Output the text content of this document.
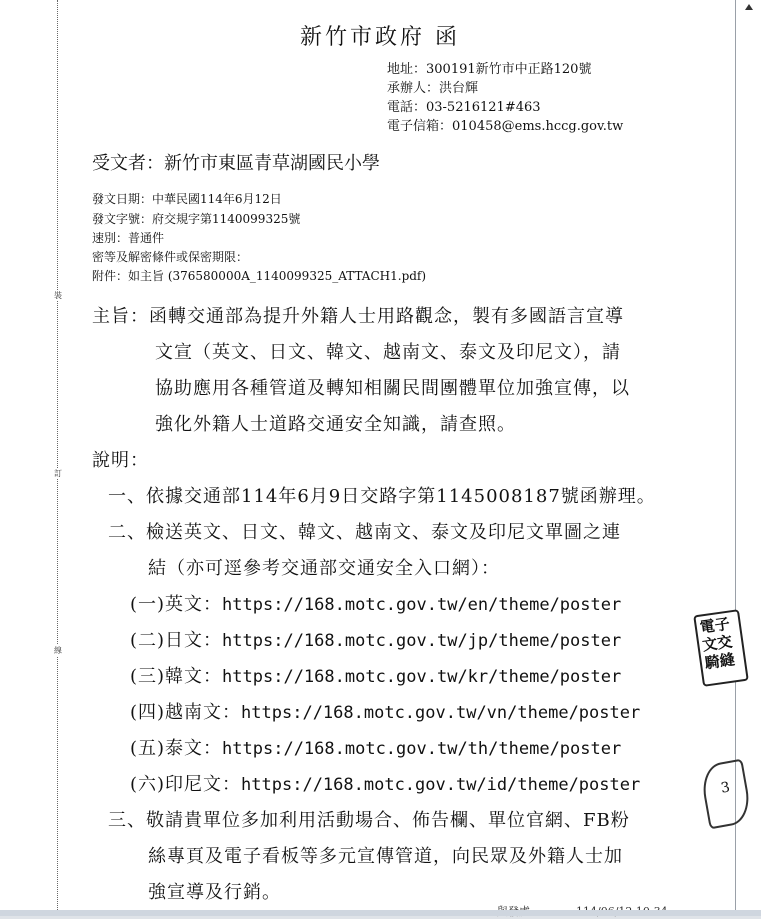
裝
訂
線
新竹市政府 函
地址：300191新竹市中正路120號
承辦人：洪台輝
電話：03-5216121#463
電子信箱：010458@ems.hccg.gov.tw
受文者：新竹市東區青草湖國民小學
發文日期：中華民國114年6月12日
發文字號：府交規字第1140099325號
速別：普通件
密等及解密條件或保密期限：
附件：如主旨 (376580000A_1140099325_ATTACH1.pdf)
主旨：函轉交通部為提升外籍人士用路觀念，製有多國語言宣導
文宣（英文、日文、韓文、越南文、泰文及印尼文），請
協助應用各種管道及轉知相關民間團體單位加強宣傳，以
強化外籍人士道路交通安全知識，請查照。
說明：
一、依據交通部114年6月9日交路字第1145008187號函辦理。
二、檢送英文、日文、韓文、越南文、泰文及印尼文單圖之連
結（亦可逕參考交通部交通安全入口網）：
(一)英文：https://168.motc.gov.tw/en/theme/poster
(二)日文：https://168.motc.gov.tw/jp/theme/poster
(三)韓文：https://168.motc.gov.tw/kr/theme/poster
(四)越南文：https://168.motc.gov.tw/vn/theme/poster
(五)泰文：https://168.motc.gov.tw/th/theme/poster
(六)印尼文：https://168.motc.gov.tw/id/theme/poster
三、敬請貴單位多加利用活動場合、佈告欄、單位官網、FB粉
絲專頁及電子看板等多元宣傳管道，向民眾及外籍人士加
強宣導及行銷。
電子
文交
騎縫
3
